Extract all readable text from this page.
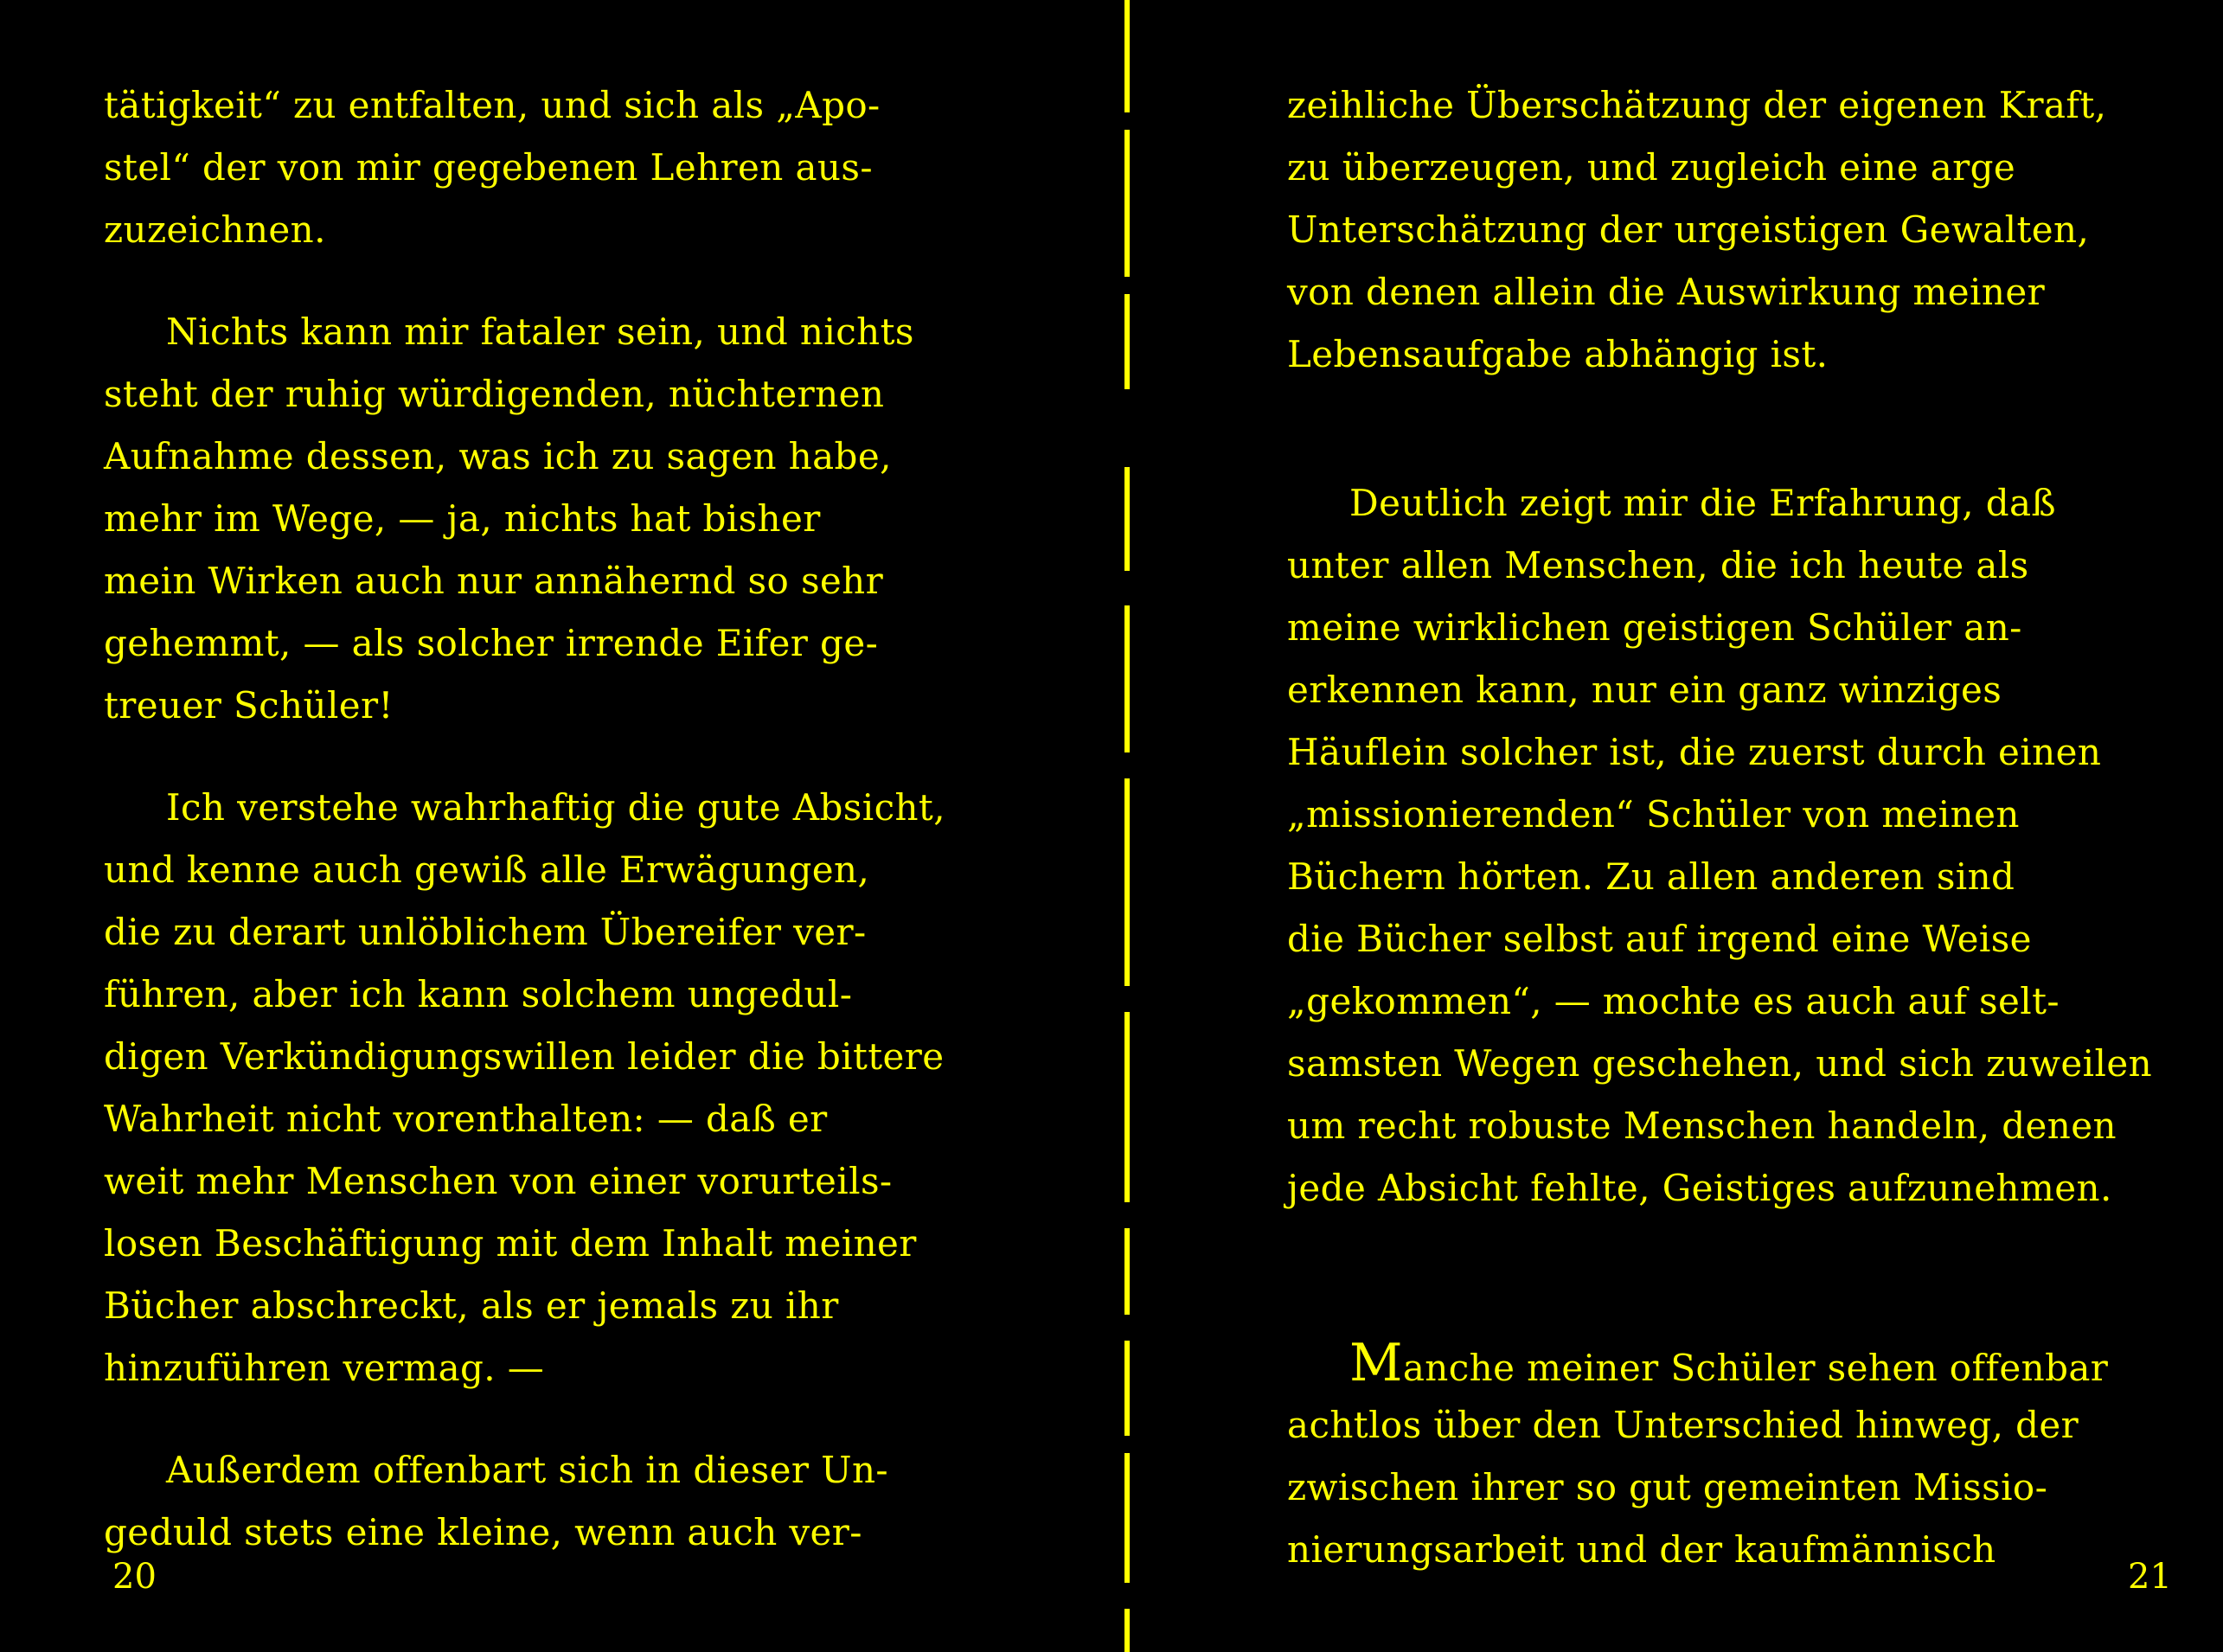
tätigkeit“ zu entfalten, und sich als „Apo-
stel“ der von mir gegebenen Lehren aus-
zuzeichnen.
Nichts kann mir fataler sein, und nichts
steht der ruhig würdigenden, nüchternen
Aufnahme dessen, was ich zu sagen habe,
mehr im Wege, — ja, nichts hat bisher
mein Wirken auch nur annähernd so sehr
gehemmt, — als solcher irrende Eifer ge-
treuer Schüler!
Ich verstehe wahrhaftig die gute Absicht,
und kenne auch gewiß alle Erwägungen,
die zu derart unlöblichem Übereifer ver-
führen, aber ich kann solchem ungedul-
digen Verkündigungswillen leider die bittere
Wahrheit nicht vorenthalten: — daß er
weit mehr Menschen von einer vorurteils-
losen Beschäftigung mit dem Inhalt meiner
Bücher abschreckt, als er jemals zu ihr
hinzuführen vermag. —
Außerdem offenbart sich in dieser Un-
geduld stets eine kleine, wenn auch ver-
20
zeihliche Überschätzung der eigenen Kraft,
zu überzeugen, und zugleich eine arge
Unterschätzung der urgeistigen Gewalten,
von denen allein die Auswirkung meiner
Lebensaufgabe abhängig ist.
Deutlich zeigt mir die Erfahrung, daß
unter allen Menschen, die ich heute als
meine wirklichen geistigen Schüler an-
erkennen kann, nur ein ganz winziges
Häuflein solcher ist, die zuerst durch einen
„missionierenden“ Schüler von meinen
Büchern hörten. Zu allen anderen sind
die Bücher selbst auf irgend eine Weise
„gekommen“, — mochte es auch auf selt-
samsten Wegen geschehen, und sich zuweilen
um recht robuste Menschen handeln, denen
jede Absicht fehlte, Geistiges aufzunehmen.
Manche meiner Schüler sehen offenbar
achtlos über den Unterschied hinweg, der
zwischen ihrer so gut gemeinten Missio-
nierungsarbeit und der kaufmännisch
21
